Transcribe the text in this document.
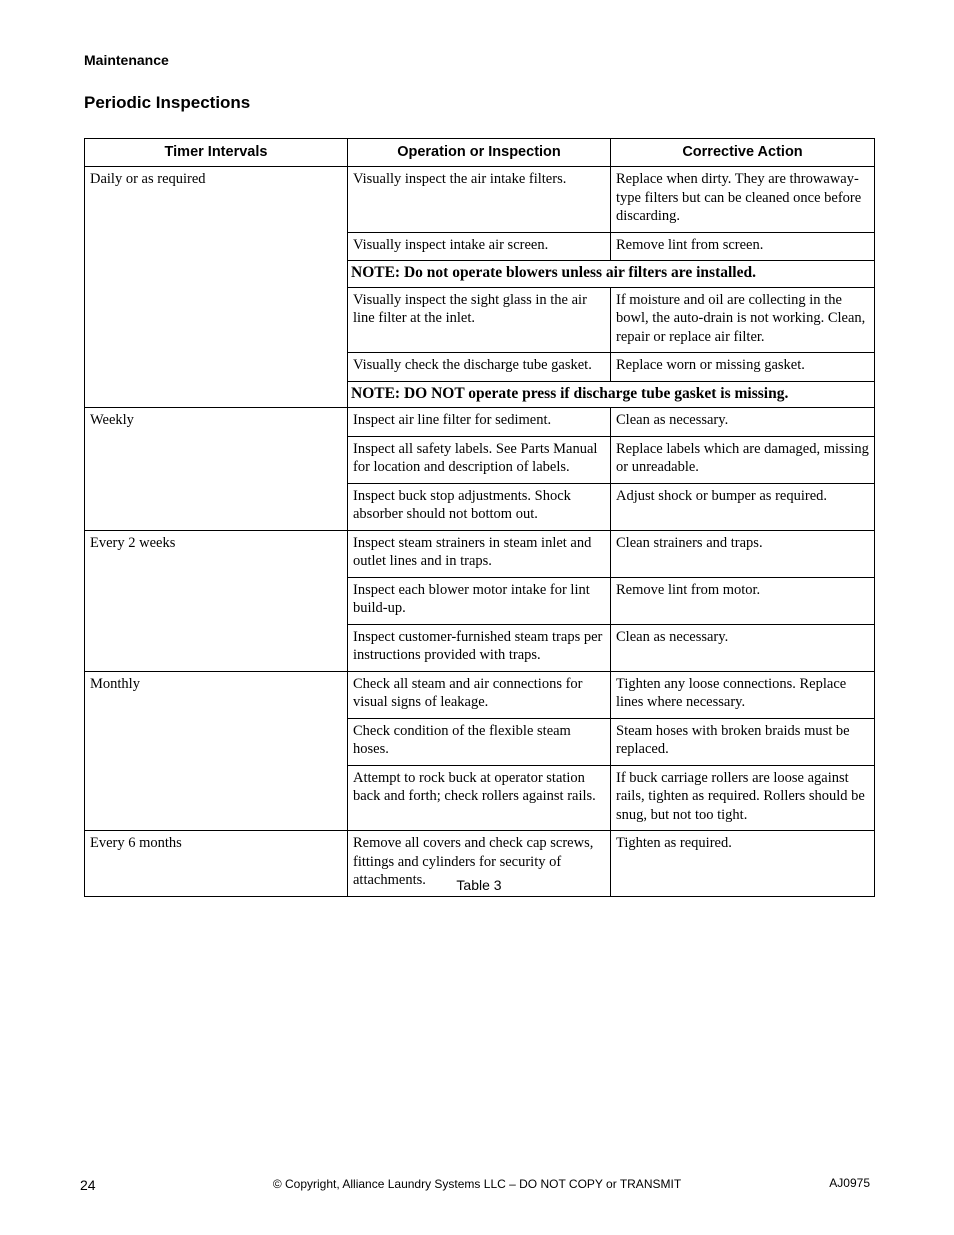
Maintenance
Periodic Inspections
Timer Intervals	Operation or Inspection	Corrective Action
Daily or as required	Visually inspect the air intake filters.	Replace when dirty. They are throwaway-type filters but can be cleaned once before discarding.
	Visually inspect intake air screen.	Remove lint from screen.
	NOTE: Do not operate blowers unless air filters are installed.	
	Visually inspect the sight glass in the air line filter at the inlet.	If moisture and oil are collecting in the bowl, the auto-drain is not working. Clean, repair or replace air filter.
	Visually check the discharge tube gasket.	Replace worn or missing gasket.
	NOTE: DO NOT operate press if discharge tube gasket is missing.	
Weekly	Inspect air line filter for sediment.	Clean as necessary.
	Inspect all safety labels. See Parts Manual for location and description of labels.	Replace labels which are damaged, missing or unreadable.
	Inspect buck stop adjustments. Shock absorber should not bottom out.	Adjust shock or bumper as required.
Every 2 weeks	Inspect steam strainers in steam inlet and outlet lines and in traps.	Clean strainers and traps.
	Inspect each blower motor intake for lint build-up.	Remove lint from motor.
	Inspect customer-furnished steam traps per instructions provided with traps.	Clean as necessary.
Monthly	Check all steam and air connections for visual signs of leakage.	Tighten any loose connections. Replace lines where necessary.
	Check condition of the flexible steam hoses.	Steam hoses with broken braids must be replaced.
	Attempt to rock buck at operator station back and forth; check rollers against rails.	If buck carriage rollers are loose against rails, tighten as required. Rollers should be snug, but not too tight.
Every 6 months	Remove all covers and check cap screws, fittings and cylinders for security of attachments.	Tighten as required.
Table 3
24	© Copyright, Alliance Laundry Systems LLC – DO NOT COPY or TRANSMIT	AJ0975
